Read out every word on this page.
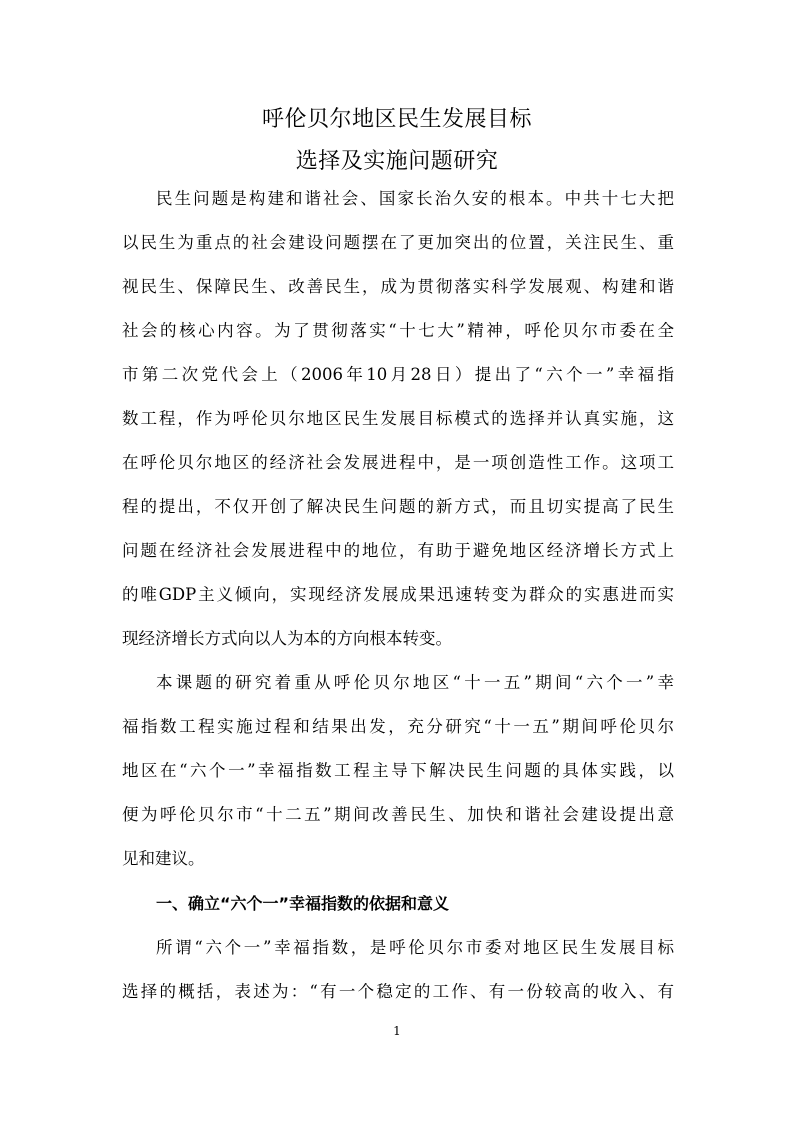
呼伦贝尔地区民生发展目标
选择及实施问题研究
民生问题是构建和谐社会、国家长治久安的根本。中共十七大把
以民生为重点的社会建设问题摆在了更加突出的位置，关注民生、重
视民生、保障民生、改善民生，成为贯彻落实科学发展观、构建和谐
社会的核心内容。为了贯彻落实“十七大”精神，呼伦贝尔市委在全
市第二次党代会上（2006年10月28日）提出了“六个一”幸福指
数工程，作为呼伦贝尔地区民生发展目标模式的选择并认真实施，这
在呼伦贝尔地区的经济社会发展进程中，是一项创造性工作。这项工
程的提出，不仅开创了解决民生问题的新方式，而且切实提高了民生
问题在经济社会发展进程中的地位，有助于避免地区经济增长方式上
的唯GDP主义倾向，实现经济发展成果迅速转变为群众的实惠进而实
现经济增长方式向以人为本的方向根本转变。
本课题的研究着重从呼伦贝尔地区“十一五”期间“六个一”幸
福指数工程实施过程和结果出发，充分研究“十一五”期间呼伦贝尔
地区在“六个一”幸福指数工程主导下解决民生问题的具体实践，以
便为呼伦贝尔市“十二五”期间改善民生、加快和谐社会建设提出意
见和建议。
一、确立“六个一”幸福指数的依据和意义
所谓“六个一”幸福指数，是呼伦贝尔市委对地区民生发展目标
选择的概括，表述为：“有一个稳定的工作、有一份较高的收入、有
1
